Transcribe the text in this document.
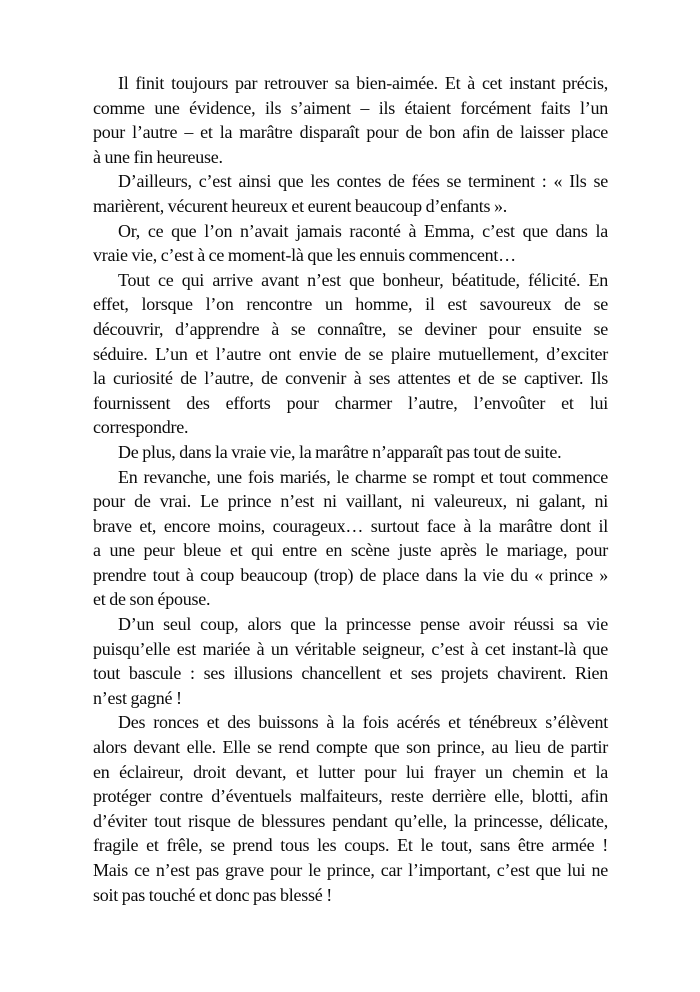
Il finit toujours par retrouver sa bien-aimée. Et à cet instant précis,
comme une évidence, ils s’aiment – ils étaient forcément faits l’un
pour l’autre – et la marâtre disparaît pour de bon afin de laisser place
à une fin heureuse.
D’ailleurs, c’est ainsi que les contes de fées se terminent : « Ils se
marièrent, vécurent heureux et eurent beaucoup d’enfants ».
Or, ce que l’on n’avait jamais raconté à Emma, c’est que dans la
vraie vie, c’est à ce moment-là que les ennuis commencent…
Tout ce qui arrive avant n’est que bonheur, béatitude, félicité. En
effet, lorsque l’on rencontre un homme, il est savoureux de se
découvrir, d’apprendre à se connaître, se deviner pour ensuite se
séduire. L’un et l’autre ont envie de se plaire mutuellement, d’exciter
la curiosité de l’autre, de convenir à ses attentes et de se captiver. Ils
fournissent des efforts pour charmer l’autre, l’envoûter et lui
correspondre.
De plus, dans la vraie vie, la marâtre n’apparaît pas tout de suite.
En revanche, une fois mariés, le charme se rompt et tout commence
pour de vrai. Le prince n’est ni vaillant, ni valeureux, ni galant, ni
brave et, encore moins, courageux… surtout face à la marâtre dont il
a une peur bleue et qui entre en scène juste après le mariage, pour
prendre tout à coup beaucoup (trop) de place dans la vie du « prince »
et de son épouse.
D’un seul coup, alors que la princesse pense avoir réussi sa vie
puisqu’elle est mariée à un véritable seigneur, c’est à cet instant-là que
tout bascule : ses illusions chancellent et ses projets chavirent. Rien
n’est gagné !
Des ronces et des buissons à la fois acérés et ténébreux s’élèvent
alors devant elle. Elle se rend compte que son prince, au lieu de partir
en éclaireur, droit devant, et lutter pour lui frayer un chemin et la
protéger contre d’éventuels malfaiteurs, reste derrière elle, blotti, afin
d’éviter tout risque de blessures pendant qu’elle, la princesse, délicate,
fragile et frêle, se prend tous les coups. Et le tout, sans être armée !
Mais ce n’est pas grave pour le prince, car l’important, c’est que lui ne
soit pas touché et donc pas blessé !
